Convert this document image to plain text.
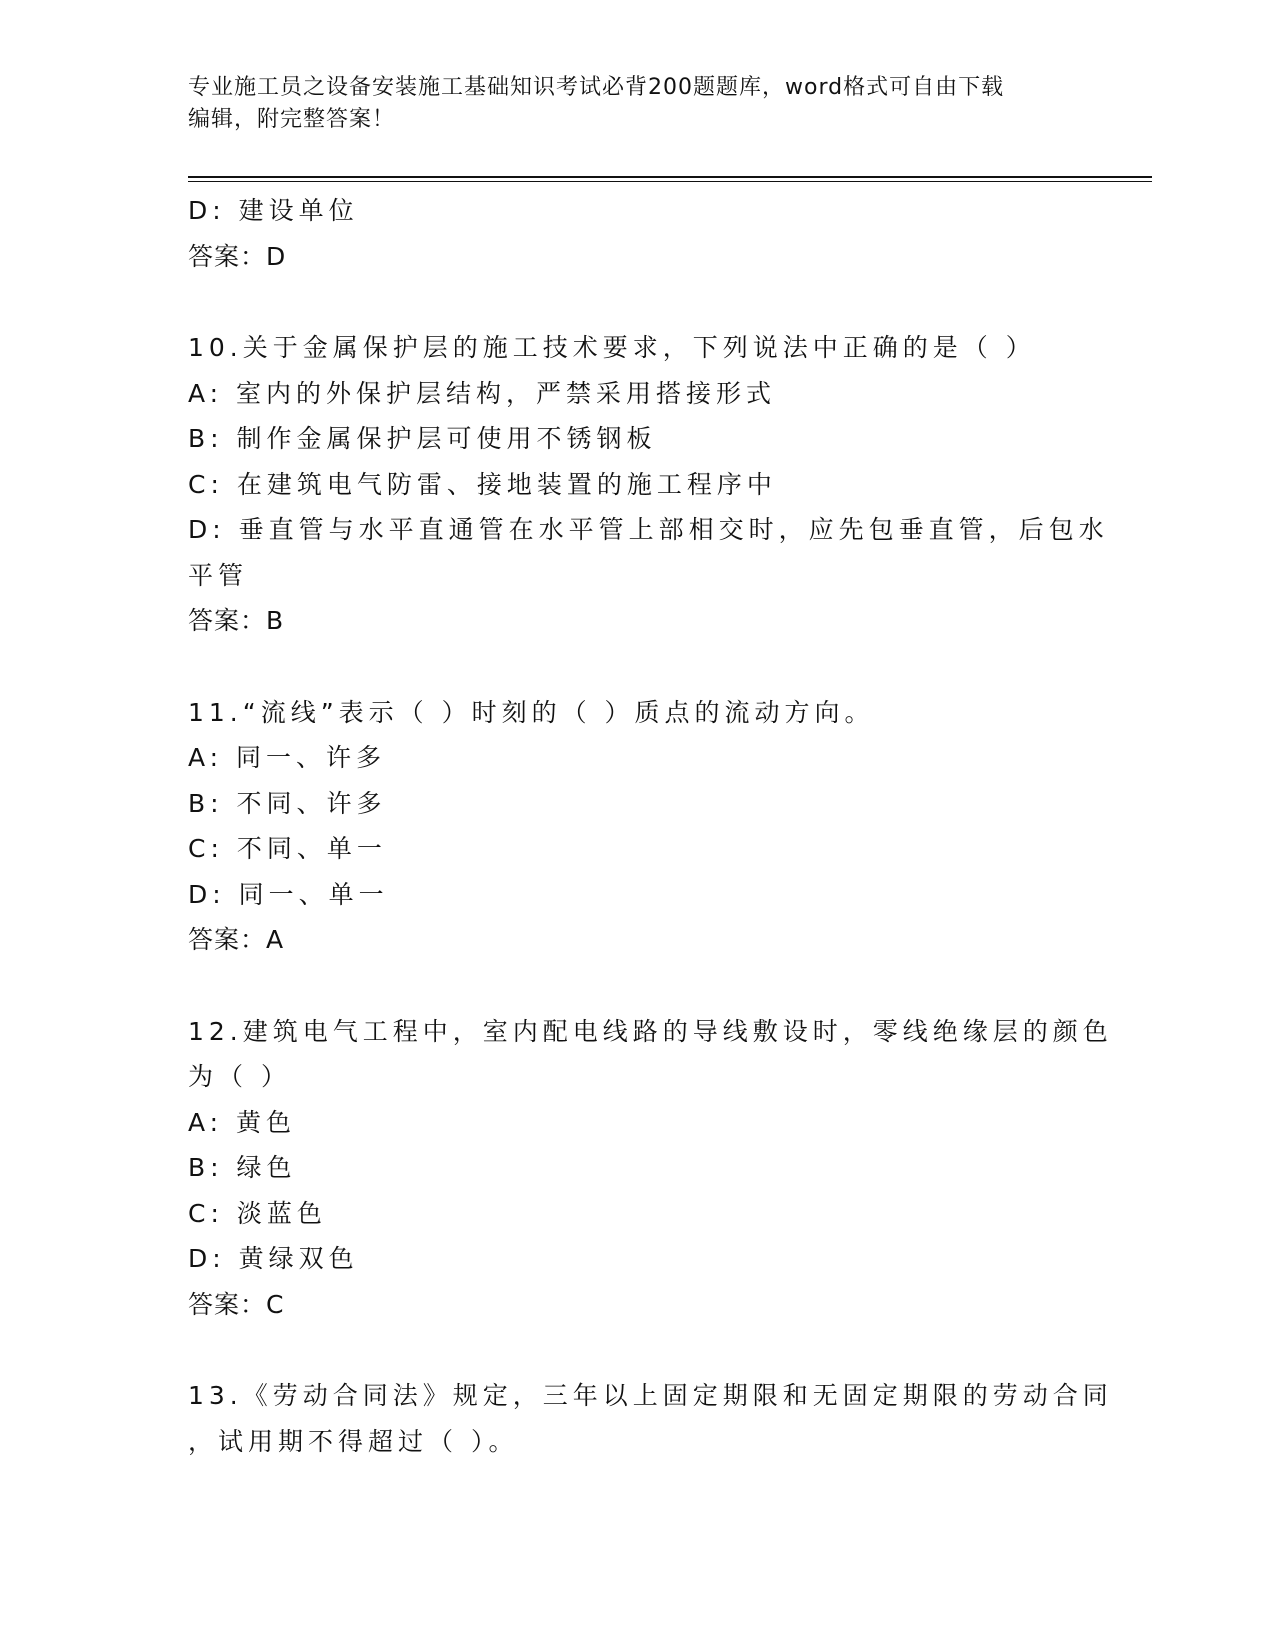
专业施工员之设备安装施工基础知识考试必背200题题库，word格式可自由下载
编辑，附完整答案！
D: 建设单位
答案：D
10.关于金属保护层的施工技术要求，下列说法中正确的是（ ）
A: 室内的外保护层结构，严禁采用搭接形式
B: 制作金属保护层可使用不锈钢板
C: 在建筑电气防雷、接地装置的施工程序中
D: 垂直管与水平直通管在水平管上部相交时，应先包垂直管，后包水
平管
答案：B
11.“流线”表示（ ）时刻的（ ）质点的流动方向。
A: 同一、许多
B: 不同、许多
C: 不同、单一
D: 同一、单一
答案：A
12.建筑电气工程中，室内配电线路的导线敷设时，零线绝缘层的颜色
为（ ）
A: 黄色
B: 绿色
C: 淡蓝色
D: 黄绿双色
答案：C
13.《劳动合同法》规定，三年以上固定期限和无固定期限的劳动合同
，试用期不得超过（ ）。
